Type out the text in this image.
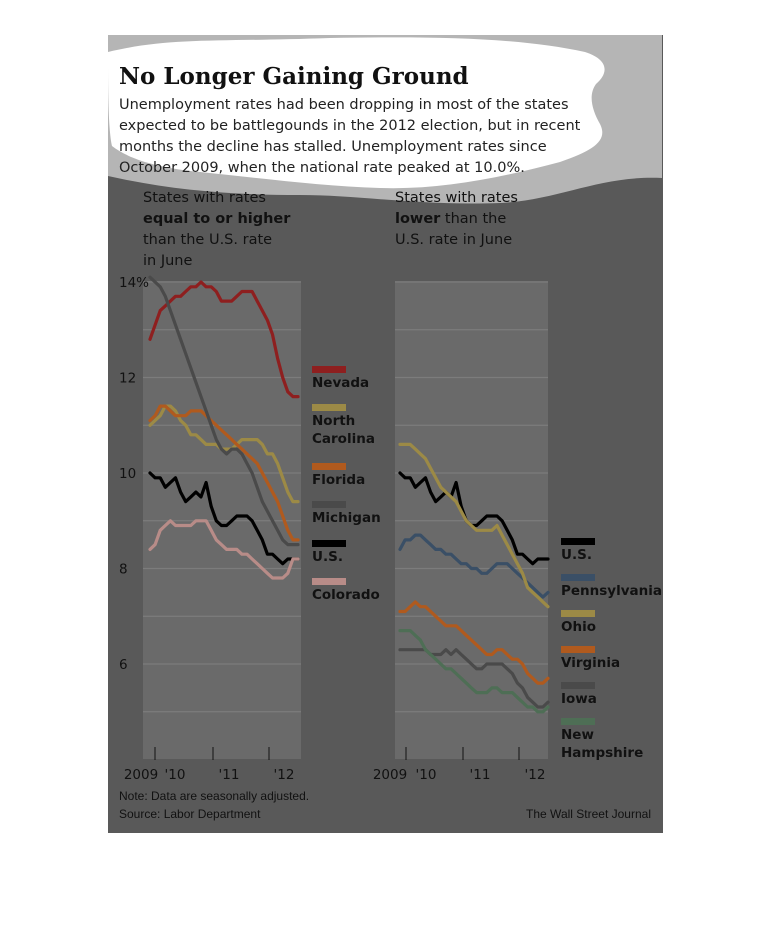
No Longer Gaining Ground
Unemployment rates had been dropping in most of the states
expected to be battlegounds in the 2012 election, but in recent
months the decline has stalled. Unemployment rates since
October 2009, when the national rate peaked at 10.0%.
States with rates
equal to or higher
than the U.S. rate
in June
States with rates
lower than the
U.S. rate in June
14%
12
10
8
6
2009 '10 '11	'12	2009 '10 '11	'12
Nevada
North
Carolina
Florida
Michigan
U.S.
Colorado
U.S.
Pennsylvania
Ohio
Virginia
Iowa
New
Hampshire
Note: Data are seasonally adjusted.
Source: Labor Department	The Wall Street Journal
